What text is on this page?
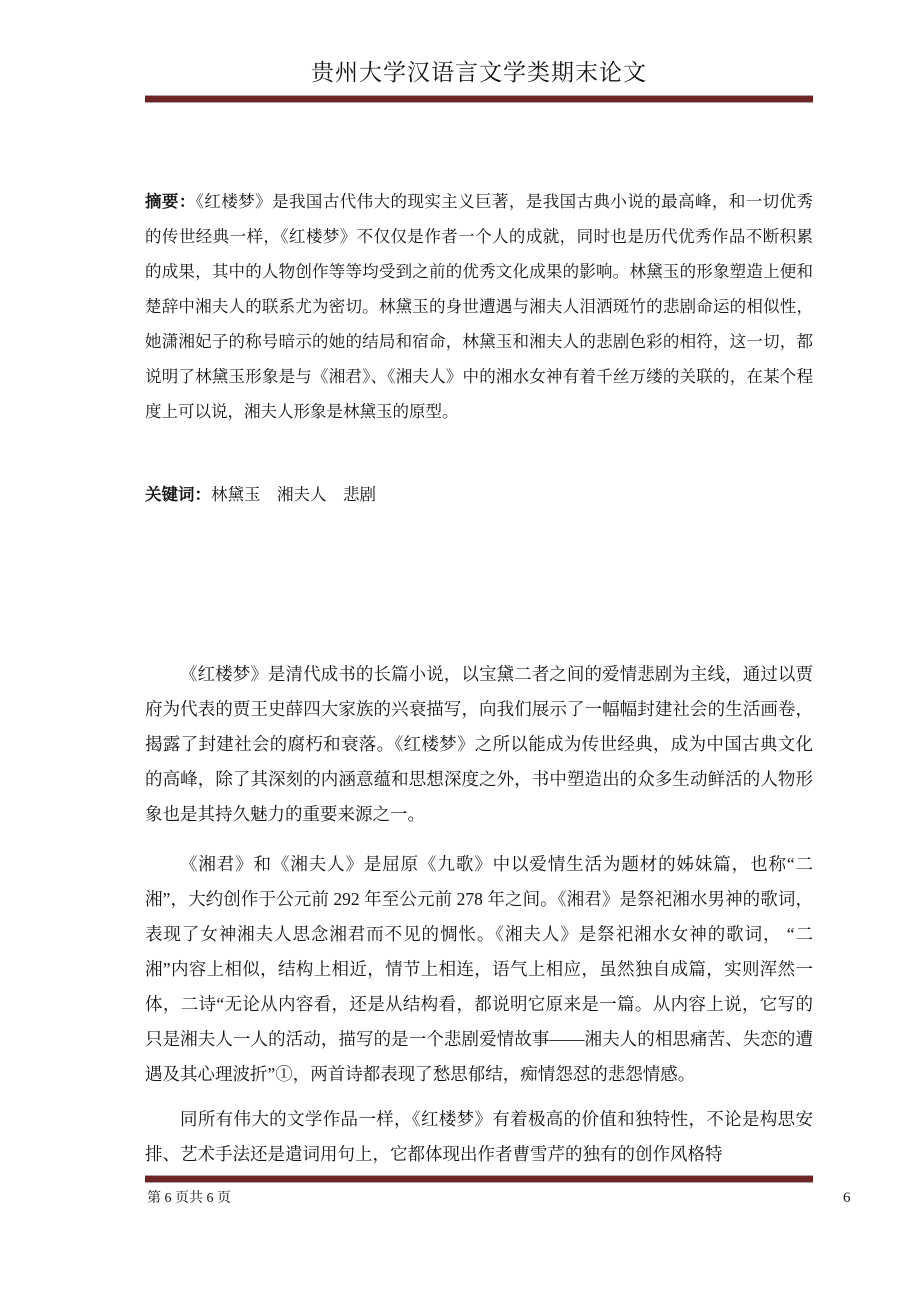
贵州大学汉语言文学类期末论文

摘要：《红楼梦》是我国古代伟大的现实主义巨著，是我国古典小说的最高峰，和一切优秀的传世经典一样，《红楼梦》不仅仅是作者一个人的成就，同时也是历代优秀作品不断积累的成果，其中的人物创作等等均受到之前的优秀文化成果的影响。林黛玉的形象塑造上便和楚辞中湘夫人的联系尤为密切。林黛玉的身世遭遇与湘夫人泪洒斑竹的悲剧命运的相似性，她潇湘妃子的称号暗示的她的结局和宿命，林黛玉和湘夫人的悲剧色彩的相符，这一切，都说明了林黛玉形象是与《湘君》、《湘夫人》中的湘水女神有着千丝万缕的关联的，在某个程度上可以说，湘夫人形象是林黛玉的原型。

关键词：林黛玉　湘夫人　悲剧

《红楼梦》是清代成书的长篇小说，以宝黛二者之间的爱情悲剧为主线，通过以贾府为代表的贾王史薛四大家族的兴衰描写，向我们展示了一幅幅封建社会的生活画卷，揭露了封建社会的腐朽和衰落。《红楼梦》之所以能成为传世经典，成为中国古典文化的高峰，除了其深刻的内涵意蕴和思想深度之外，书中塑造出的众多生动鲜活的人物形象也是其持久魅力的重要来源之一。

《湘君》和《湘夫人》是屈原《九歌》中以爱情生活为题材的姊妹篇，也称“二湘”，大约创作于公元前 292 年至公元前 278 年之间。《湘君》是祭祀湘水男神的歌词，表现了女神湘夫人思念湘君而不见的惆怅。《湘夫人》是祭祀湘水女神的歌词， “二湘”内容上相似，结构上相近，情节上相连，语气上相应，虽然独自成篇，实则浑然一体，二诗“无论从内容看，还是从结构看，都说明它原来是一篇。从内容上说，它写的只是湘夫人一人的活动，描写的是一个悲剧爱情故事——湘夫人的相思痛苦、失恋的遭遇及其心理波折”①，两首诗都表现了愁思郁结，痴情怨怼的悲怨情感。

同所有伟大的文学作品一样，《红楼梦》有着极高的价值和独特性，不论是构思安排、艺术手法还是遣词用句上，它都体现出作者曹雪芹的独有的创作风格特

第 6 页共 6 页	6
